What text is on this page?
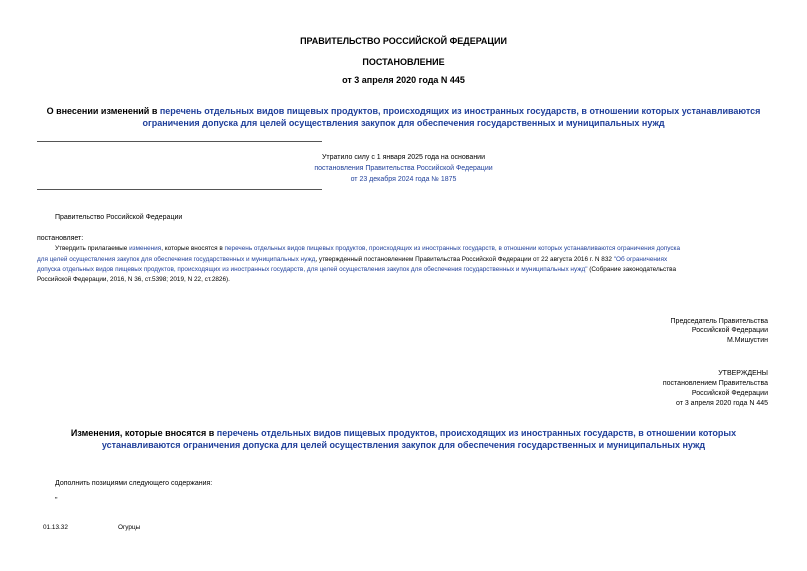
ПРАВИТЕЛЬСТВО РОССИЙСКОЙ ФЕДЕРАЦИИ
ПОСТАНОВЛЕНИЕ
от 3 апреля 2020 года N 445
О внесении изменений в перечень отдельных видов пищевых продуктов, происходящих из иностранных государств, в отношении которых устанавливаются
ограничения допуска для целей осуществления закупок для обеспечения государственных и муниципальных нужд
Утратило силу с 1 января 2025 года на основании
постановления Правительства Российской Федерации
от 23 декабря 2024 года № 1875
Правительство Российской Федерации
постановляет:
Утвердить прилагаемые изменения, которые вносятся в перечень отдельных видов пищевых продуктов, происходящих из иностранных государств, в отношении которых устанавливаются ограничения допуска
для целей осуществления закупок для обеспечения государственных и муниципальных нужд, утвержденный постановлением Правительства Российской Федерации от 22 августа 2016 г. N 832 "Об ограничениях
допуска отдельных видов пищевых продуктов, происходящих из иностранных государств, для целей осуществления закупок для обеспечения государственных и муниципальных нужд" (Собрание законодательства
Российской Федерации, 2016, N 36, ст.5398; 2019, N 22, ст.2826).
Председатель Правительства
Российской Федерации
М.Мишустин
УТВЕРЖДЕНЫ
постановлением Правительства
Российской Федерации
от 3 апреля 2020 года N 445
Изменения, которые вносятся в перечень отдельных видов пищевых продуктов, происходящих из иностранных государств, в отношении которых
устанавливаются ограничения допуска для целей осуществления закупок для обеспечения государственных и муниципальных нужд
Дополнить позициями следующего содержания:
"
01.13.32	Огурцы
